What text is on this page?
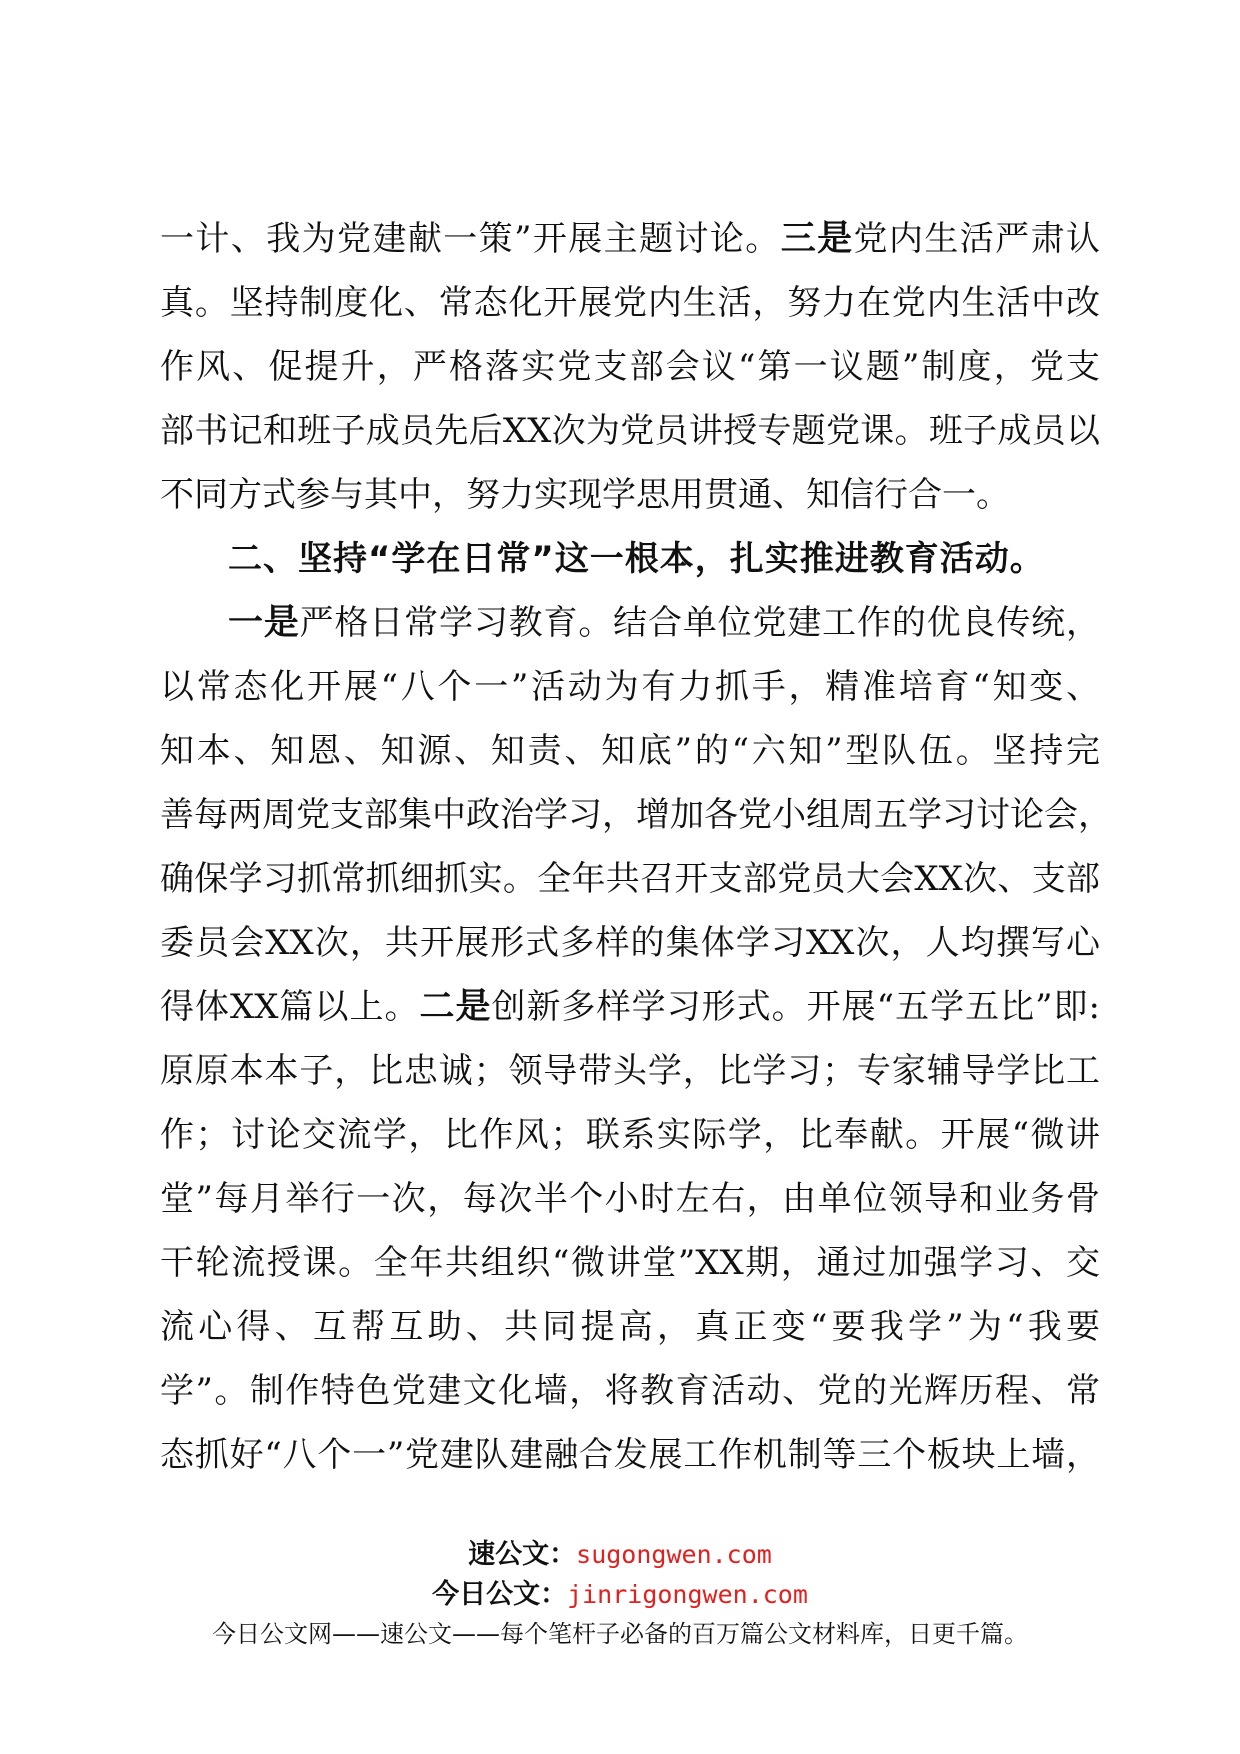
一计、我为党建献一策”开展主题讨论。三是党内生活严肃认
真。坚持制度化、常态化开展党内生活，努力在党内生活中改
作风、促提升，严格落实党支部会议“第一议题”制度，党支
部书记和班子成员先后XX次为党员讲授专题党课。班子成员以
不同方式参与其中，努力实现学思用贯通、知信行合一。
二、坚持“学在日常”这一根本，扎实推进教育活动。
一是严格日常学习教育。结合单位党建工作的优良传统，
以常态化开展“八个一”活动为有力抓手，精准培育“知变、
知本、知恩、知源、知责、知底”的“六知”型队伍。坚持完
善每两周党支部集中政治学习，增加各党小组周五学习讨论会，
确保学习抓常抓细抓实。全年共召开支部党员大会XX次、支部
委员会XX次，共开展形式多样的集体学习XX次，人均撰写心
得体XX篇以上。二是创新多样学习形式。开展“五学五比”即:
原原本本子，比忠诚；领导带头学，比学习；专家辅导学比工
作；讨论交流学，比作风；联系实际学，比奉献。开展“微讲
堂”每月举行一次，每次半个小时左右，由单位领导和业务骨
干轮流授课。全年共组织“微讲堂”XX期，通过加强学习、交
流心得、互帮互助、共同提高，真正变“要我学”为“我要
学”。制作特色党建文化墙，将教育活动、党的光辉历程、常
态抓好“八个一”党建队建融合发展工作机制等三个板块上墙，
速公文：sugongwen.com
今日公文：jinrigongwen.com
今日公文网——速公文——每个笔杆子必备的百万篇公文材料库，日更千篇。
